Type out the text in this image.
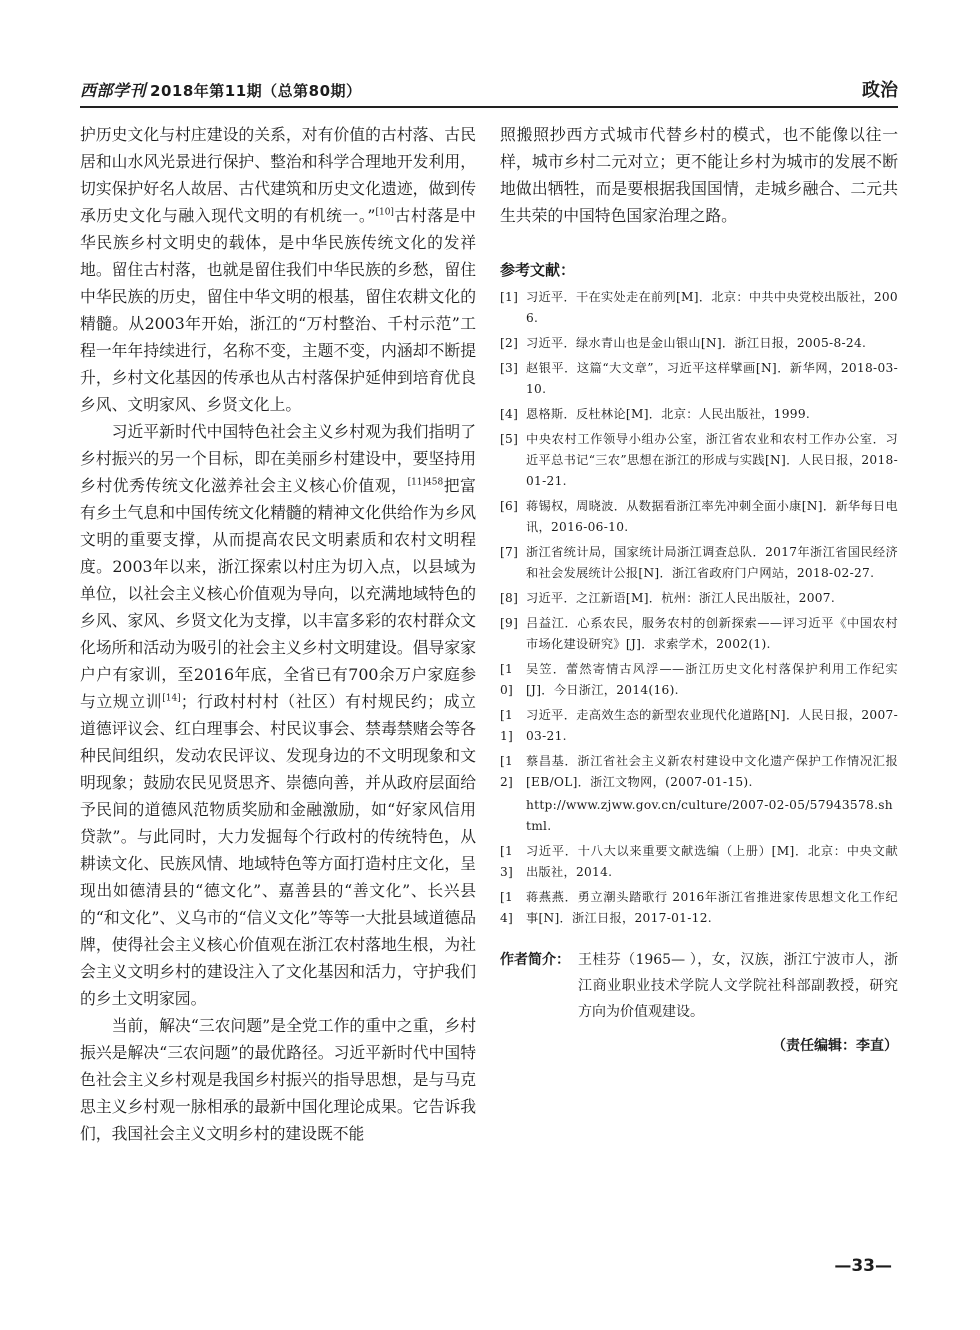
西部学刊 2018年第11期（总第80期）	政治

护历史文化与村庄建设的关系，对有价值的古村落、古民居和山水风光景进行保护、整治和科学合理地开发利用，切实保护好名人故居、古代建筑和历史文化遗迹，做到传承历史文化与融入现代文明的有机统一。”[10]古村落是中华民族乡村文明史的载体，是中华民族传统文化的发祥地。留住古村落，也就是留住我们中华民族的乡愁，留住中华民族的历史，留住中华文明的根基，留住农耕文化的精髓。从2003年开始，浙江的“万村整治、千村示范”工程一年年持续进行，名称不变，主题不变，内涵却不断提升，乡村文化基因的传承也从古村落保护延伸到培育优良乡风、文明家风、乡贤文化上。

习近平新时代中国特色社会主义乡村观为我们指明了乡村振兴的另一个目标，即在美丽乡村建设中，要坚持用乡村优秀传统文化滋养社会主义核心价值观，$^{[11]458}$把富有乡土气息和中国传统文化精髓的精神文化供给作为乡风文明的重要支撑，从而提高农民文明素质和农村文明程度。2003年以来，浙江探索以村庄为切入点，以县域为单位，以社会主义核心价值观为导向，以充满地域特色的乡风、家风、乡贤文化为支撑，以丰富多彩的农村群众文化场所和活动为吸引的社会主义乡村文明建设。倡导家家户户有家训，至2016年底，全省已有700余万户家庭参与立规立训[14]；行政村村村（社区）有村规民约；成立道德评议会、红白理事会、村民议事会、禁毒禁赌会等各种民间组织，发动农民评议、发现身边的不文明现象和文明现象；鼓励农民见贤思齐、崇德向善，并从政府层面给予民间的道德风范物质奖励和金融激励，如“好家风信用贷款”。与此同时，大力发掘每个行政村的传统特色，从耕读文化、民族风情、地域特色等方面打造村庄文化，呈现出如德清县的“德文化”、嘉善县的“善文化”、长兴县的“和文化”、义乌市的“信义文化”等等一大批县域道德品牌，使得社会主义核心价值观在浙江农村落地生根，为社会主义文明乡村的建设注入了文化基因和活力，守护我们的乡土文明家园。

当前，解决“三农问题”是全党工作的重中之重，乡村振兴是解决“三农问题”的最优路径。习近平新时代中国特色社会主义乡村观是我国乡村振兴的指导思想，是与马克思主义乡村观一脉相承的最新中国化理论成果。它告诉我们，我国社会主义文明乡村的建设既不能

照搬照抄西方式城市代替乡村的模式，也不能像以往一样，城市乡村二元对立；更不能让乡村为城市的发展不断地做出牺牲，而是要根据我国国情，走城乡融合、二元共生共荣的中国特色国家治理之路。

参考文献：
[1] 习近平．干在实处走在前列[M]．北京：中共中央党校出版社，2006.
[2] 习近平．绿水青山也是金山银山[N]．浙江日报，2005-8-24.
[3] 赵银平．这篇“大文章”，习近平这样擘画[N]．新华网，2018-03-10.
[4] 恩格斯．反杜林论[M]．北京：人民出版社，1999.
[5] 中央农村工作领导小组办公室，浙江省农业和农村工作办公室．习近平总书记“三农”思想在浙江的形成与实践[N]．人民日报，2018-01-21.
[6] 蒋锡权，周晓波．从数据看浙江率先冲刺全面小康[N]．新华每日电讯，2016-06-10.
[7] 浙江省统计局，国家统计局浙江调查总队．2017年浙江省国民经济和社会发展统计公报[N]．浙江省政府门户网站，2018-02-27.
[8] 习近平．之江新语[M]．杭州：浙江人民出版社，2007.
[9] 吕益江．心系农民，服务农村的创新探索——评习近平《中国农村市场化建设研究》[J]．求索学术，2002(1).
[10]
吴笠．蕾然寄情古风浮——浙江历史文化村落保护利用工作纪实[J]．今日浙江，2014(16).
[11]
习近平．走高效生态的新型农业现代化道路[N]．人民日报，2007-03-21.
[12]
蔡昌基．浙江省社会主义新农村建设中文化遗产保护工作情况汇报[EB/OL]．浙江文物网，(2007-01-15).
http://www.zjww.gov.cn/culture/2007-02-05/57943578.shtml.
[13]
习近平．十八大以来重要文献选编（上册）[M]．北京：中央文献出版社，2014.
[14]
蒋燕燕．勇立潮头踏歌行 2016年浙江省推进家传思想文化工作纪事[N]．浙江日报，2017-01-12.
作者简介： 王桂芬（1965— ），女，汉族，浙江宁波市人，浙江商业职业技术学院人文学院社科部副教授，研究方向为价值观建设。
（责任编辑：李直）
—33—
